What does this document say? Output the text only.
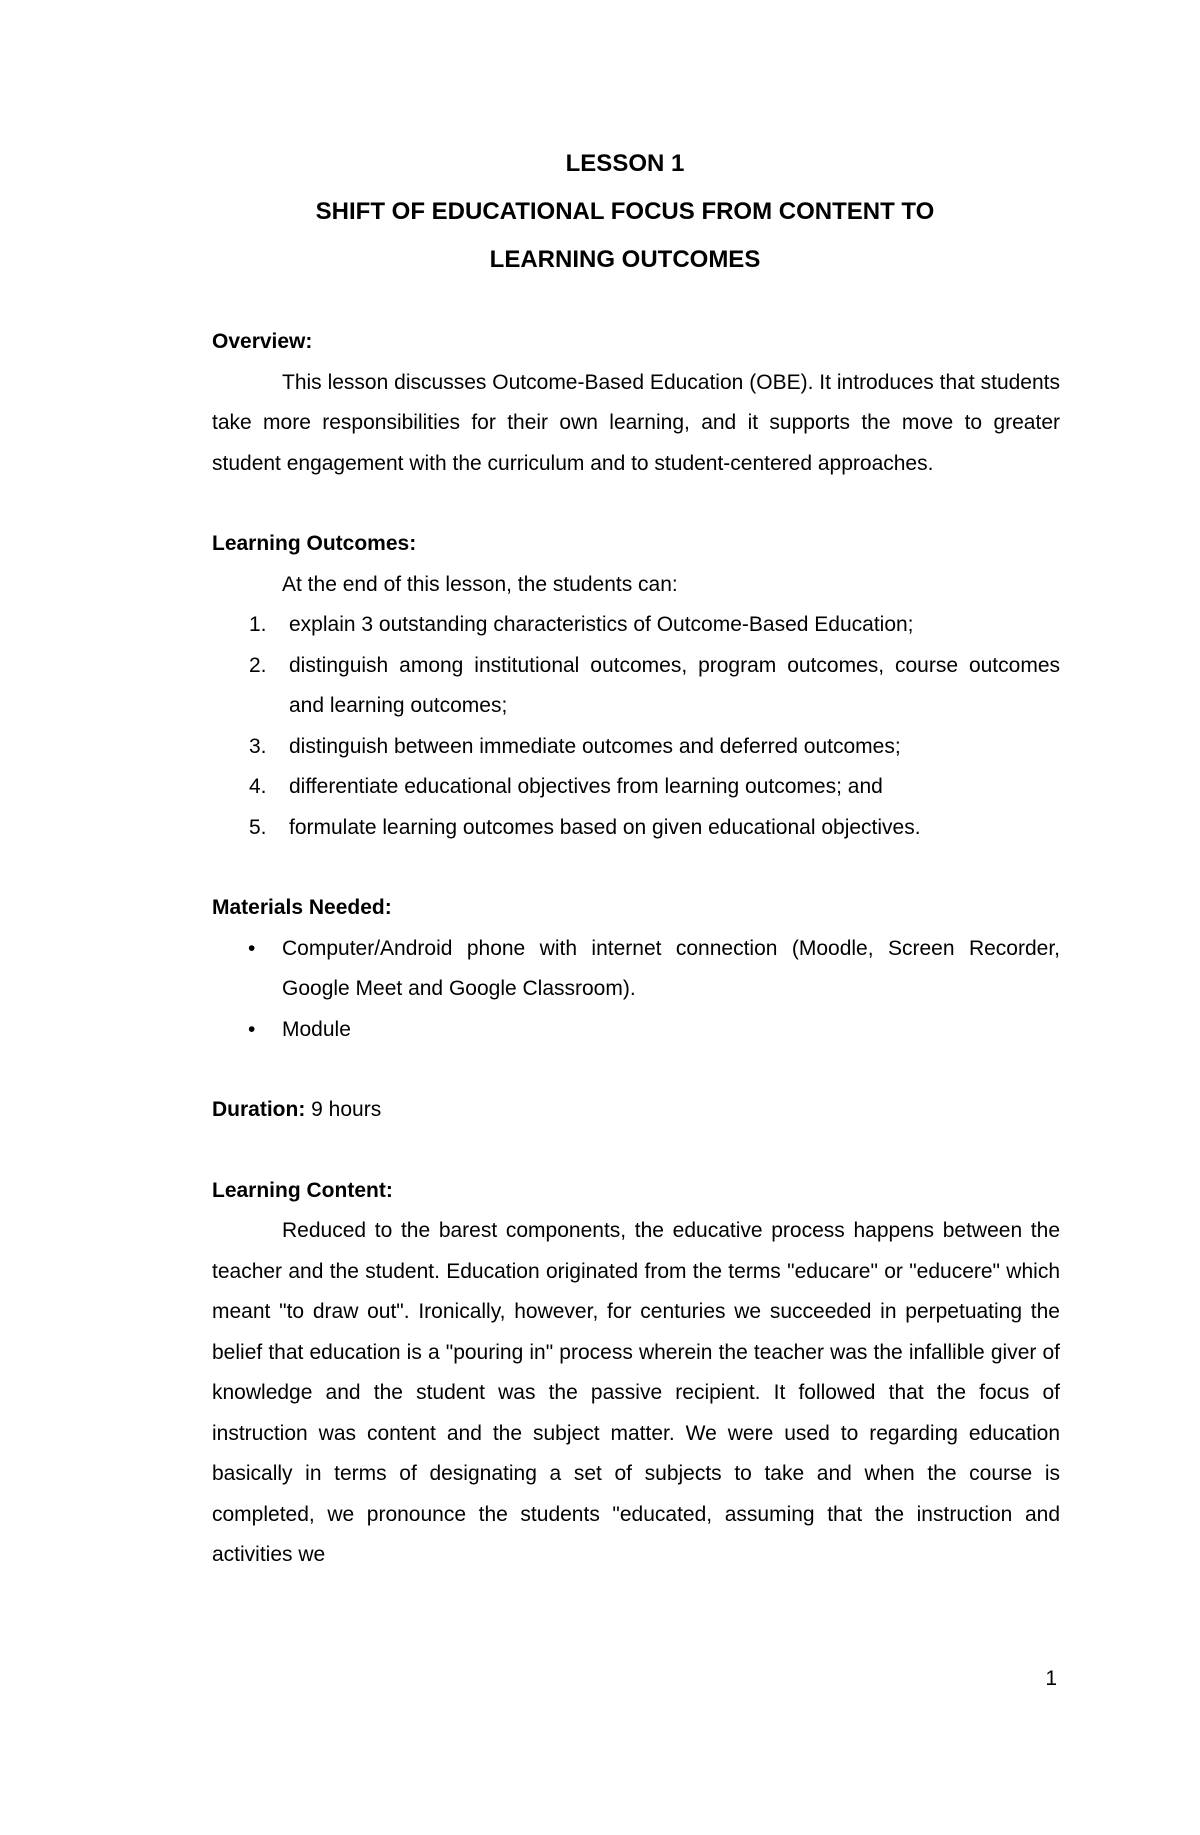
LESSON 1

SHIFT OF EDUCATIONAL FOCUS FROM CONTENT TO

LEARNING OUTCOMES

Overview:

This lesson discusses Outcome-Based Education (OBE). It introduces that students take more responsibilities for their own learning, and it supports the move to greater student engagement with the curriculum and to student-centered approaches.

Learning Outcomes:

At the end of this lesson, the students can:

1. explain 3 outstanding characteristics of Outcome-Based Education;
2. distinguish among institutional outcomes, program outcomes, course outcomes and learning outcomes;
3. distinguish between immediate outcomes and deferred outcomes;
4. differentiate educational objectives from learning outcomes; and
5. formulate learning outcomes based on given educational objectives.

Materials Needed:

• Computer/Android phone with internet connection (Moodle, Screen Recorder, Google Meet and Google Classroom).
• Module

Duration: 9 hours

Learning Content:

Reduced to the barest components, the educative process happens between the teacher and the student. Education originated from the terms "educare" or "educere" which meant "to draw out". Ironically, however, for centuries we succeeded in perpetuating the belief that education is a "pouring in" process wherein the teacher was the infallible giver of knowledge and the student was the passive recipient. It followed that the focus of instruction was content and the subject matter. We were used to regarding education basically in terms of designating a set of subjects to take and when the course is completed, we pronounce the students "educated, assuming that the instruction and activities we

1
